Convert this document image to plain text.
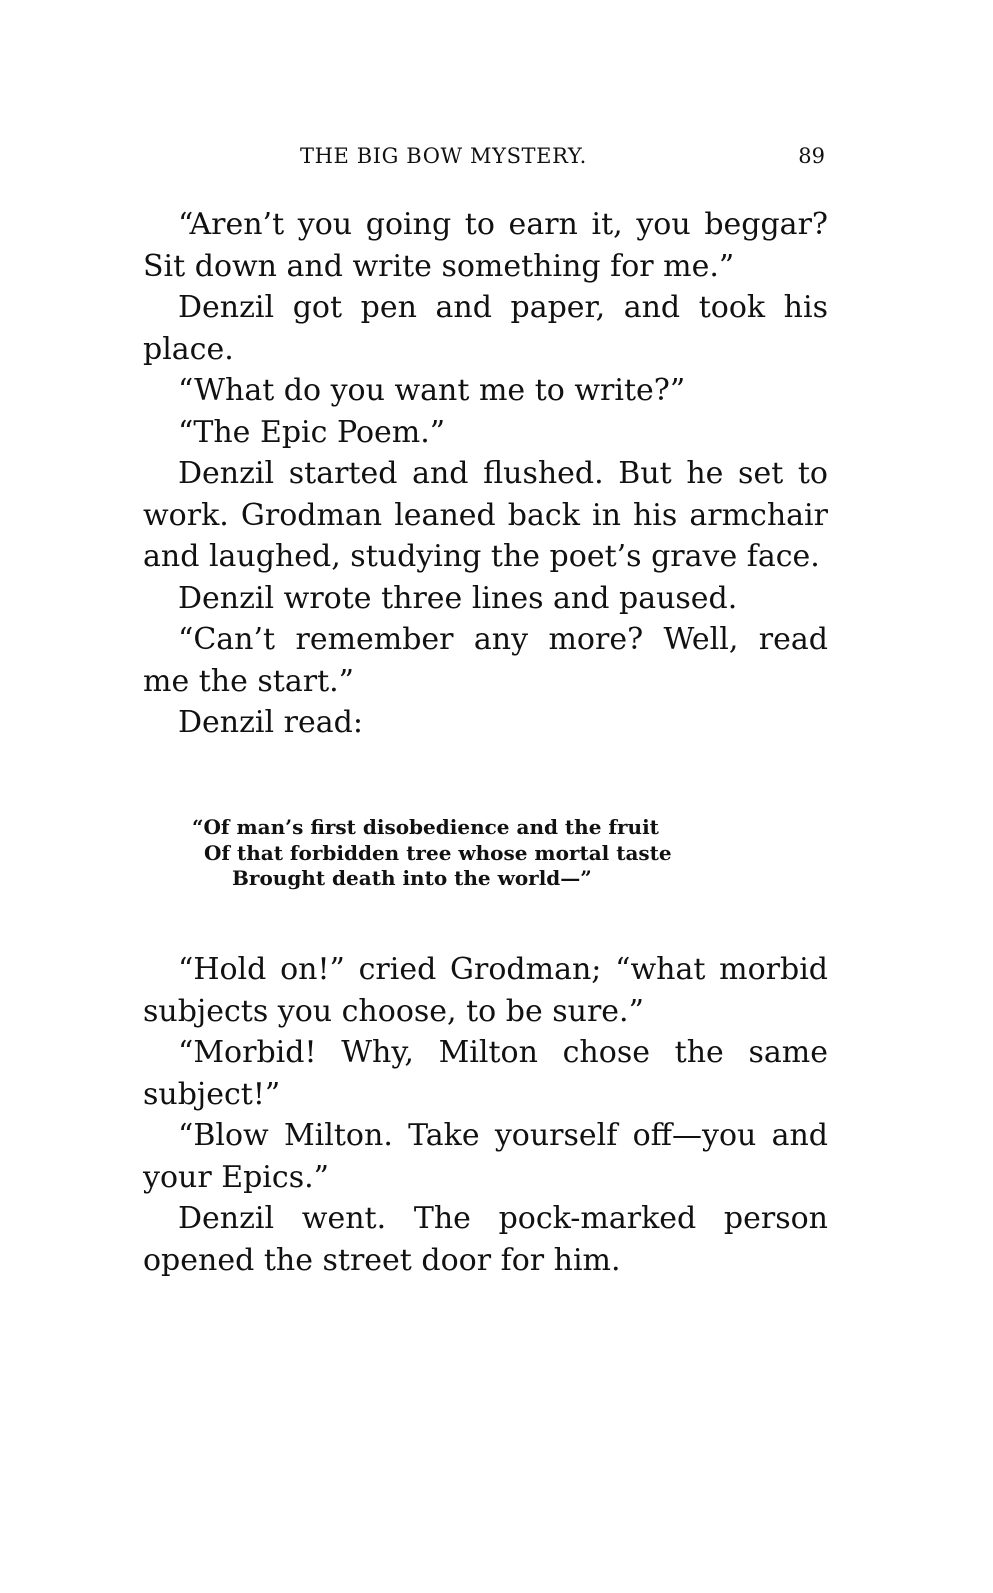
THE BIG BOW MYSTERY.	89

“Aren’t you going to earn it, you beggar? Sit down and write something for me.”

Denzil got pen and paper, and took his place.

“What do you want me to write?”

“The Epic Poem.”

Denzil started and flushed. But he set to work. Grodman leaned back in his armchair and laughed, studying the poet’s grave face.

Denzil wrote three lines and paused.

“Can’t remember any more? Well, read me the start.”

Denzil read:

“Of man’s first disobedience and the fruit

Of that forbidden tree whose mortal taste

Brought death into the world—”

“Hold on!” cried Grodman; “what morbid subjects you choose, to be sure.”

“Morbid! Why, Milton chose the same subject!”

“Blow Milton. Take yourself off—you and your Epics.”

Denzil went. The pock-marked person opened the street door for him.
